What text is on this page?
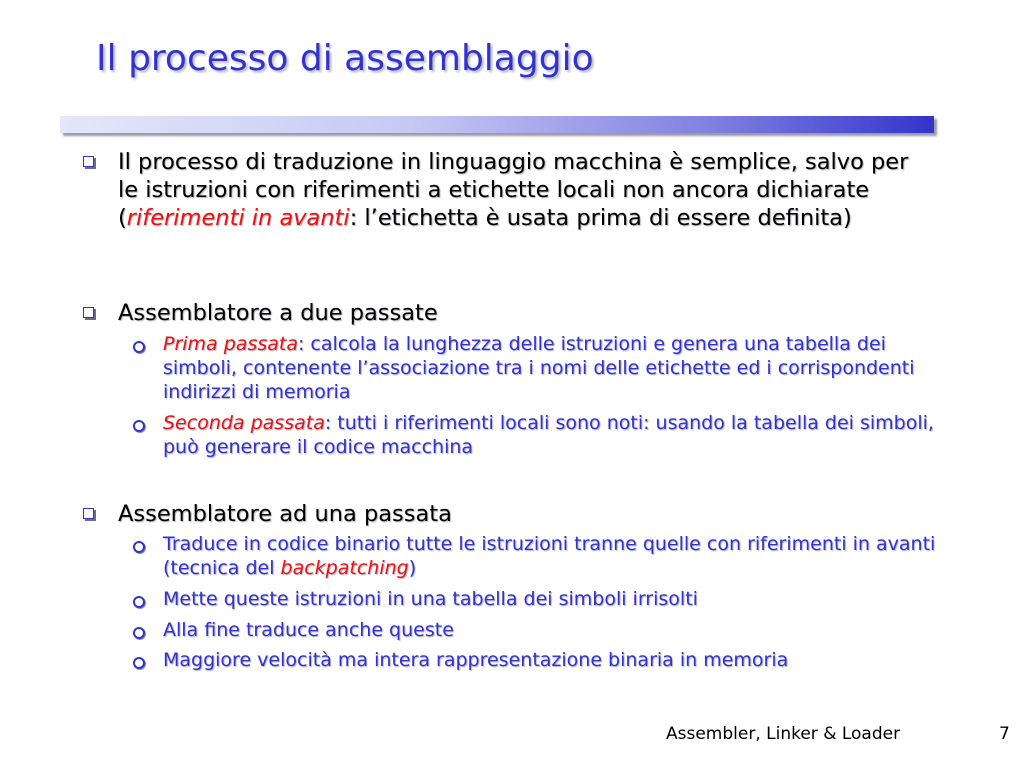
Il processo di assemblaggio
Il processo di traduzione in linguaggio macchina è semplice, salvo per le istruzioni con riferimenti a etichette locali non ancora dichiarate (riferimenti in avanti: l’etichetta è usata prima di essere definita)
Assemblatore a due passate
Prima passata: calcola la lunghezza delle istruzioni e genera una tabella dei simboli, contenente l’associazione tra i nomi delle etichette ed i corrispondenti indirizzi di memoria
Seconda passata: tutti i riferimenti locali sono noti: usando la tabella dei simboli, può generare il codice macchina
Assemblatore ad una passata
Traduce in codice binario tutte le istruzioni tranne quelle con riferimenti in avanti (tecnica del backpatching)
Mette queste istruzioni in una tabella dei simboli irrisolti
Alla fine traduce anche queste
Maggiore velocità ma intera rappresentazione binaria in memoria
Assembler, Linker & Loader	7
